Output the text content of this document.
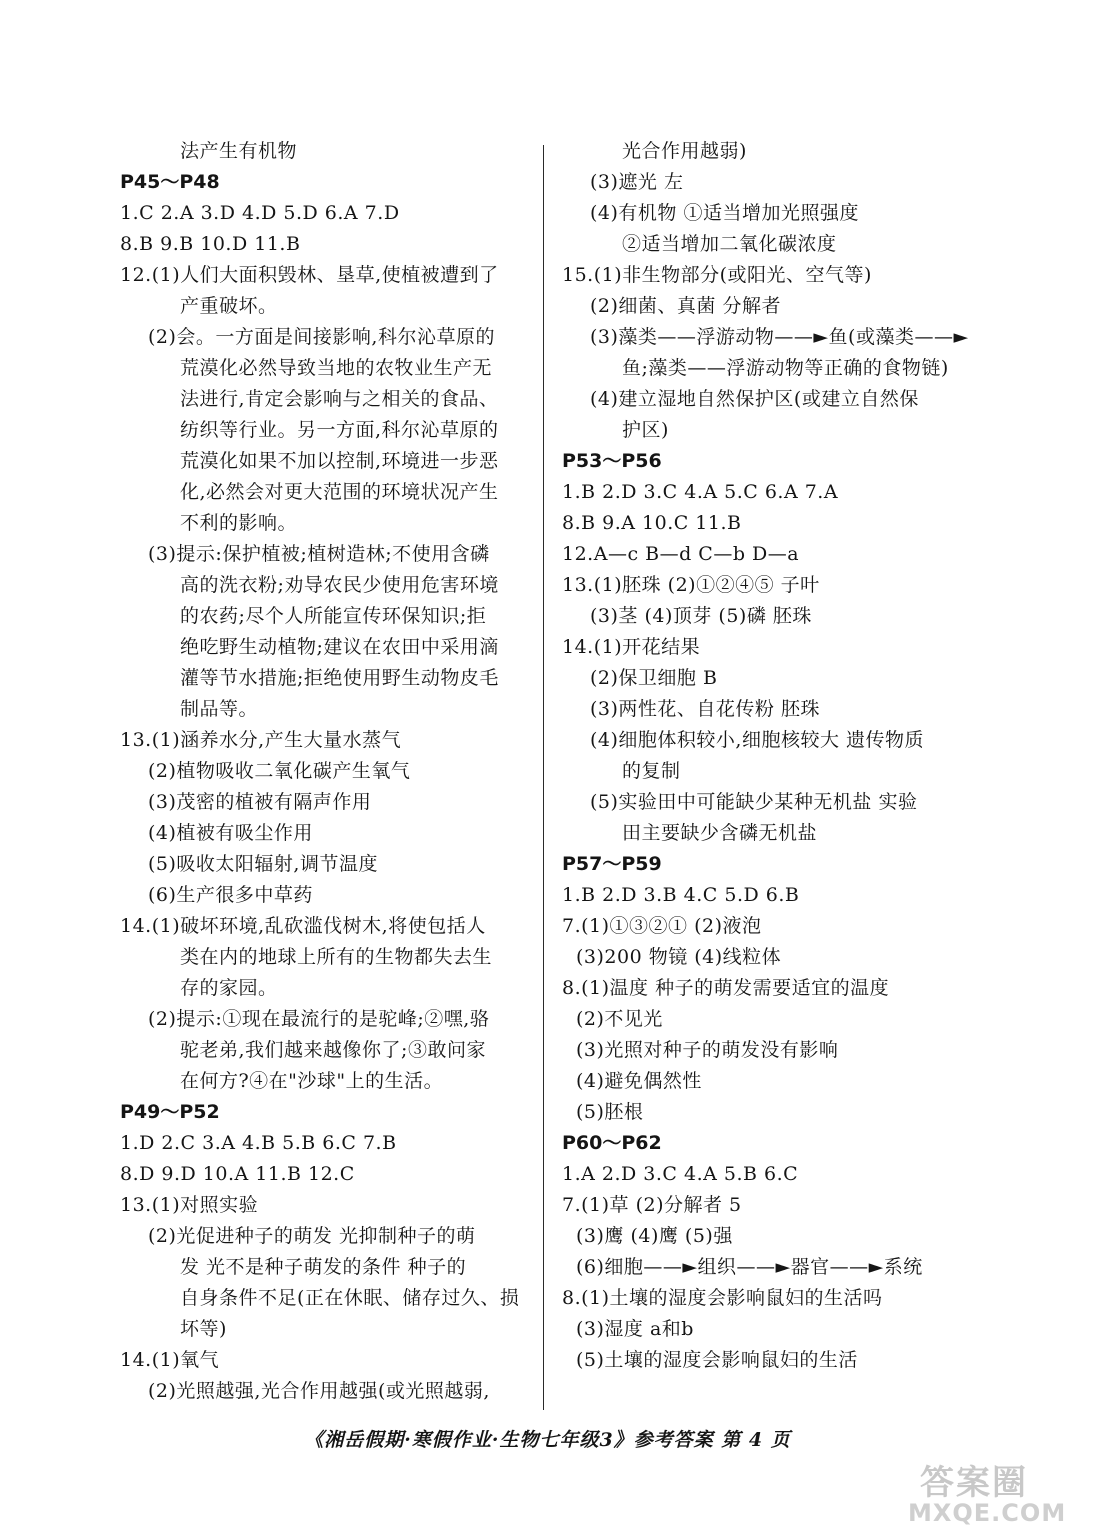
法产生有机物
P45～P48
1.C 2.A 3.D 4.D 5.D 6.A 7.D
8.B 9.B 10.D 11.B
12.(1)人们大面积毁林、垦草,使植被遭到了
产重破坏。
(2)会。一方面是间接影响,科尔沁草原的
荒漠化必然导致当地的农牧业生产无
法进行,肯定会影响与之相关的食品、
纺织等行业。另一方面,科尔沁草原的
荒漠化如果不加以控制,环境进一步恶
化,必然会对更大范围的环境状况产生
不利的影响。
(3)提示:保护植被;植树造林;不使用含磷
高的洗衣粉;劝导农民少使用危害环境
的农药;尽个人所能宣传环保知识;拒
绝吃野生动植物;建议在农田中采用滴
灌等节水措施;拒绝使用野生动物皮毛
制品等。
13.(1)涵养水分,产生大量水蒸气
(2)植物吸收二氧化碳产生氧气
(3)茂密的植被有隔声作用
(4)植被有吸尘作用
(5)吸收太阳辐射,调节温度
(6)生产很多中草药
14.(1)破坏环境,乱砍滥伐树木,将使包括人
类在内的地球上所有的生物都失去生
存的家园。
(2)提示:①现在最流行的是驼峰;②嘿,骆
驼老弟,我们越来越像你了;③敢问家
在何方?④在"沙球"上的生活。
P49～P52
1.D 2.C 3.A 4.B 5.B 6.C 7.B
8.D 9.D 10.A 11.B 12.C
13.(1)对照实验
(2)光促进种子的萌发 光抑制种子的萌
发 光不是种子萌发的条件 种子的
自身条件不足(正在休眠、储存过久、损
坏等)
14.(1)氧气
(2)光照越强,光合作用越强(或光照越弱,
光合作用越弱)
(3)遮光 左
(4)有机物 ①适当增加光照强度
②适当增加二氧化碳浓度
15.(1)非生物部分(或阳光、空气等)
(2)细菌、真菌 分解者
(3)藻类——浮游动物——►鱼(或藻类——►
鱼;藻类——浮游动物等正确的食物链)
(4)建立湿地自然保护区(或建立自然保
护区)
P53～P56
1.B 2.D 3.C 4.A 5.C 6.A 7.A
8.B 9.A 10.C 11.B
12.A—c B—d C—b D—a
13.(1)胚珠 (2)①②④⑤ 子叶
(3)茎 (4)顶芽 (5)磷 胚珠
14.(1)开花结果
(2)保卫细胞 B
(3)两性花、自花传粉 胚珠
(4)细胞体积较小,细胞核较大 遗传物质
的复制
(5)实验田中可能缺少某种无机盐 实验
田主要缺少含磷无机盐
P57～P59
1.B 2.D 3.B 4.C 5.D 6.B
7.(1)①③②① (2)液泡
(3)200 物镜 (4)线粒体
8.(1)温度 种子的萌发需要适宜的温度
(2)不见光
(3)光照对种子的萌发没有影响
(4)避免偶然性
(5)胚根
P60～P62
1.A 2.D 3.C 4.A 5.B 6.C
7.(1)草 (2)分解者 5
(3)鹰 (4)鹰 (5)强
(6)细胞——►组织——►器官——►系统
8.(1)土壤的湿度会影响鼠妇的生活吗
(3)湿度 a和b
(5)土壤的湿度会影响鼠妇的生活
《湘岳假期·寒假作业·生物七年级3》参考答案 第 4 页
答案圈
MXQE.COM
